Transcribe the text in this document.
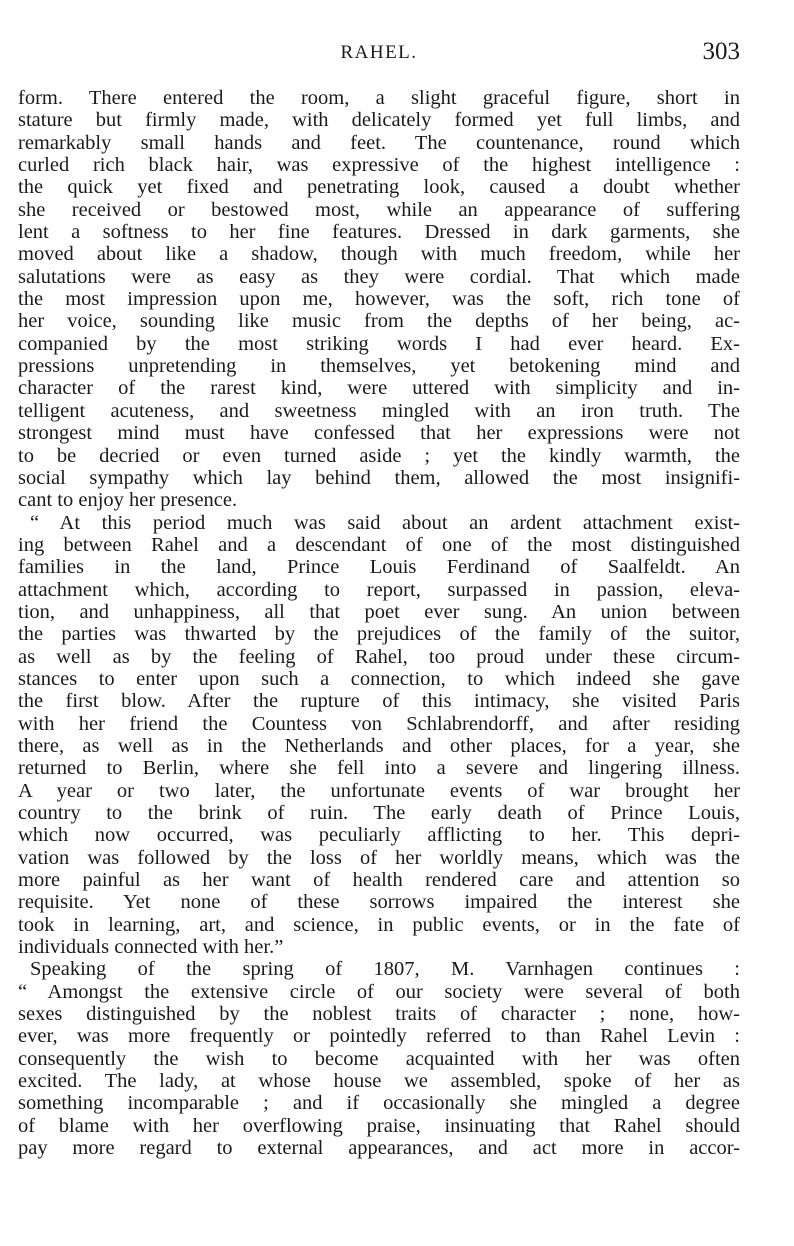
RAHEL.	303
form. There entered the room, a slight graceful figure, short in
stature but firmly made, with delicately formed yet full limbs, and
remarkably small hands and feet. The countenance, round which
curled rich black hair, was expressive of the highest intelligence :
the quick yet fixed and penetrating look, caused a doubt whether
she received or bestowed most, while an appearance of suffering
lent a softness to her fine features. Dressed in dark garments, she
moved about like a shadow, though with much freedom, while her
salutations were as easy as they were cordial. That which made
the most impression upon me, however, was the soft, rich tone of
her voice, sounding like music from the depths of her being, ac-
companied by the most striking words I had ever heard. Ex-
pressions unpretending in themselves, yet betokening mind and
character of the rarest kind, were uttered with simplicity and in-
telligent acuteness, and sweetness mingled with an iron truth. The
strongest mind must have confessed that her expressions were not
to be decried or even turned aside ; yet the kindly warmth, the
social sympathy which lay behind them, allowed the most insignifi-
cant to enjoy her presence.
“ At this period much was said about an ardent attachment exist-
ing between Rahel and a descendant of one of the most distinguished
families in the land, Prince Louis Ferdinand of Saalfeldt. An
attachment which, according to report, surpassed in passion, eleva-
tion, and unhappiness, all that poet ever sung. An union between
the parties was thwarted by the prejudices of the family of the suitor,
as well as by the feeling of Rahel, too proud under these circum-
stances to enter upon such a connection, to which indeed she gave
the first blow. After the rupture of this intimacy, she visited Paris
with her friend the Countess von Schlabrendorff, and after residing
there, as well as in the Netherlands and other places, for a year, she
returned to Berlin, where she fell into a severe and lingering illness.
A year or two later, the unfortunate events of war brought her
country to the brink of ruin. The early death of Prince Louis,
which now occurred, was peculiarly afflicting to her. This depri-
vation was followed by the loss of her worldly means, which was the
more painful as her want of health rendered care and attention so
requisite. Yet none of these sorrows impaired the interest she
took in learning, art, and science, in public events, or in the fate of
individuals connected with her.”
Speaking of the spring of 1807, M. Varnhagen continues :
“ Amongst the extensive circle of our society were several of both
sexes distinguished by the noblest traits of character ; none, how-
ever, was more frequently or pointedly referred to than Rahel Levin :
consequently the wish to become acquainted with her was often
excited. The lady, at whose house we assembled, spoke of her as
something incomparable ; and if occasionally she mingled a degree
of blame with her overflowing praise, insinuating that Rahel should
pay more regard to external appearances, and act more in accor-
